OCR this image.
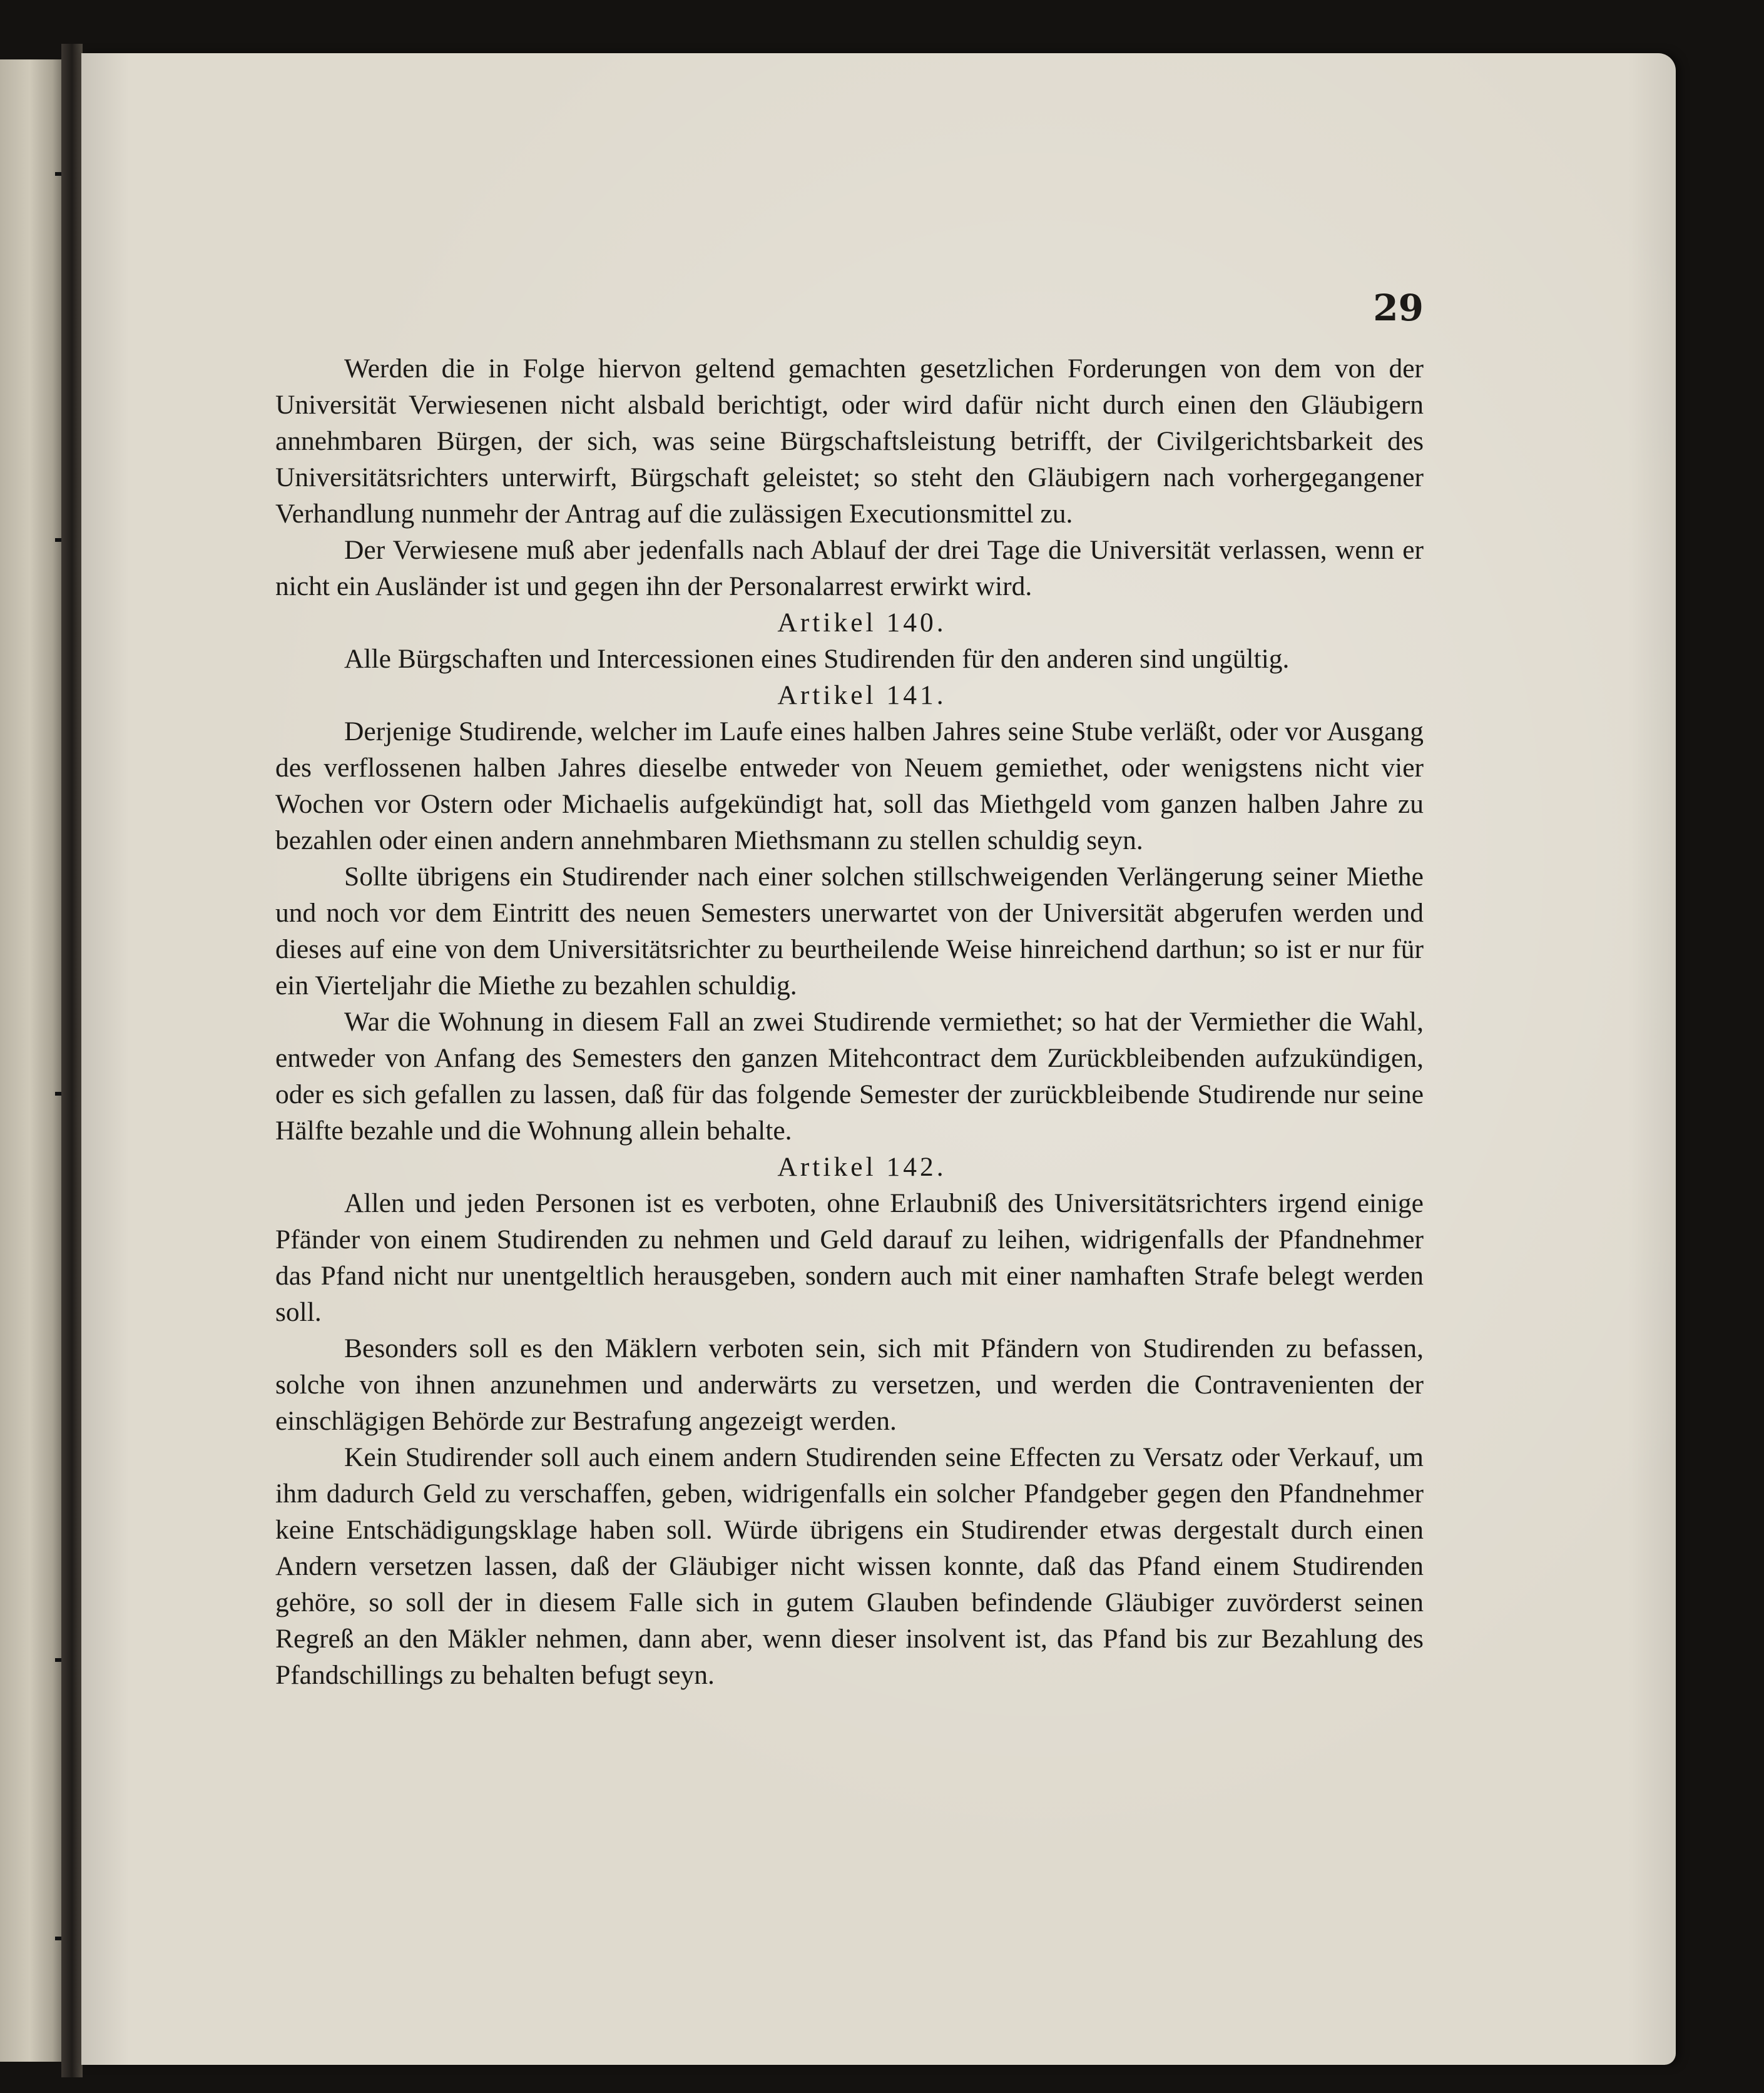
29

Werden die in Folge hiervon geltend gemachten gesetzlichen Forderungen von dem von der Universität Verwiesenen nicht alsbald berichtigt, oder wird dafür nicht durch einen den Gläubigern annehmbaren Bürgen, der sich, was seine Bürgschaftsleistung betrifft, der Civilgerichtsbarkeit des Universitätsrichters unterwirft, Bürgschaft geleistet; so steht den Gläubigern nach vorhergegangener Verhandlung nunmehr der Antrag auf die zulässigen Executionsmittel zu.

Der Verwiesene muß aber jedenfalls nach Ablauf der drei Tage die Universität verlassen, wenn er nicht ein Ausländer ist und gegen ihn der Personalarrest erwirkt wird.

Artikel 140.

Alle Bürgschaften und Intercessionen eines Studirenden für den anderen sind ungültig.

Artikel 141.

Derjenige Studirende, welcher im Laufe eines halben Jahres seine Stube verläßt, oder vor Ausgang des verflossenen halben Jahres dieselbe entweder von Neuem gemiethet, oder wenigstens nicht vier Wochen vor Ostern oder Michaelis aufgekündigt hat, soll das Miethgeld vom ganzen halben Jahre zu bezahlen oder einen andern annehmbaren Miethsmann zu stellen schuldig seyn.

Sollte übrigens ein Studirender nach einer solchen stillschweigenden Verlängerung seiner Miethe und noch vor dem Eintritt des neuen Semesters unerwartet von der Universität abgerufen werden und dieses auf eine von dem Universitätsrichter zu beurtheilende Weise hinreichend darthun; so ist er nur für ein Vierteljahr die Miethe zu bezahlen schuldig.

War die Wohnung in diesem Fall an zwei Studirende vermiethet; so hat der Vermiether die Wahl, entweder von Anfang des Semesters den ganzen Mitehcontract dem Zurückbleibenden aufzukündigen, oder es sich gefallen zu lassen, daß für das folgende Semester der zurückbleibende Studirende nur seine Hälfte bezahle und die Wohnung allein behalte.

Artikel 142.

Allen und jeden Personen ist es verboten, ohne Erlaubniß des Universitätsrichters irgend einige Pfänder von einem Studirenden zu nehmen und Geld darauf zu leihen, widrigenfalls der Pfandnehmer das Pfand nicht nur unentgeltlich herausgeben, sondern auch mit einer namhaften Strafe belegt werden soll.

Besonders soll es den Mäklern verboten sein, sich mit Pfändern von Studirenden zu befassen, solche von ihnen anzunehmen und anderwärts zu versetzen, und werden die Contravenienten der einschlägigen Behörde zur Bestrafung angezeigt werden.

Kein Studirender soll auch einem andern Studirenden seine Effecten zu Versatz oder Verkauf, um ihm dadurch Geld zu verschaffen, geben, widrigenfalls ein solcher Pfandgeber gegen den Pfandnehmer keine Entschädigungsklage haben soll. Würde übrigens ein Studirender etwas dergestalt durch einen Andern versetzen lassen, daß der Gläubiger nicht wissen konnte, daß das Pfand einem Studirenden gehöre, so soll der in diesem Falle sich in gutem Glauben befindende Gläubiger zuvörderst seinen Regreß an den Mäkler nehmen, dann aber, wenn dieser insolvent ist, das Pfand bis zur Bezahlung des Pfandschillings zu behalten befugt seyn.
